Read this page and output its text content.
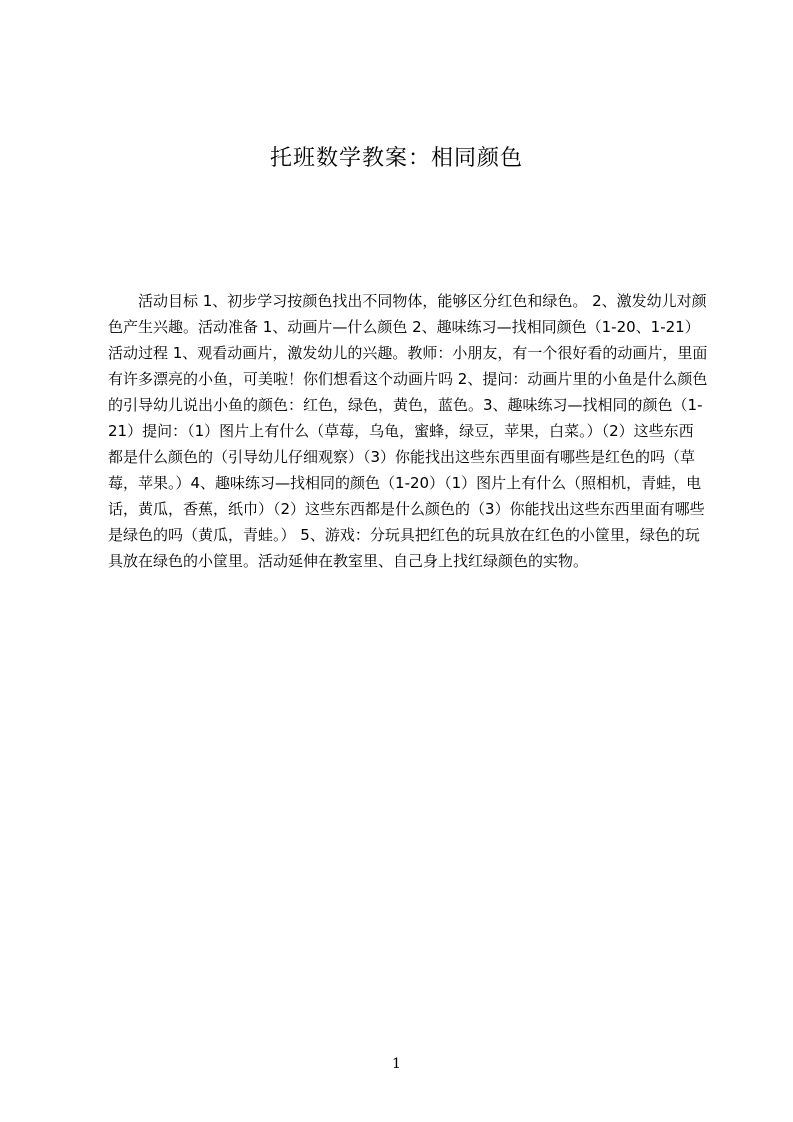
托班数学教案：相同颜色

活动目标 1、初步学习按颜色找出不同物体，能够区分红色和绿色。 2、激发幼儿对颜色产生兴趣。活动准备 1、动画片—什么颜色 2、趣味练习—找相同颜色（1-20、1-21）活动过程 1、观看动画片，激发幼儿的兴趣。教师：小朋友，有一个很好看的动画片，里面有许多漂亮的小鱼，可美啦！你们想看这个动画片吗 2、提问：动画片里的小鱼是什么颜色的引导幼儿说出小鱼的颜色：红色，绿色，黄色，蓝色。3、趣味练习—找相同的颜色（1-21）提问：（1）图片上有什么（草莓，乌龟，蜜蜂，绿豆，苹果，白菜。）（2）这些东西都是什么颜色的（引导幼儿仔细观察）（3）你能找出这些东西里面有哪些是红色的吗（草莓，苹果。）4、趣味练习—找相同的颜色（1-20）（1）图片上有什么（照相机，青蛙，电话，黄瓜，香蕉，纸巾）（2）这些东西都是什么颜色的（3）你能找出这些东西里面有哪些是绿色的吗（黄瓜，青蛙。） 5、游戏：分玩具把红色的玩具放在红色的小筐里，绿色的玩具放在绿色的小筐里。活动延伸在教室里、自己身上找红绿颜色的实物。

1
